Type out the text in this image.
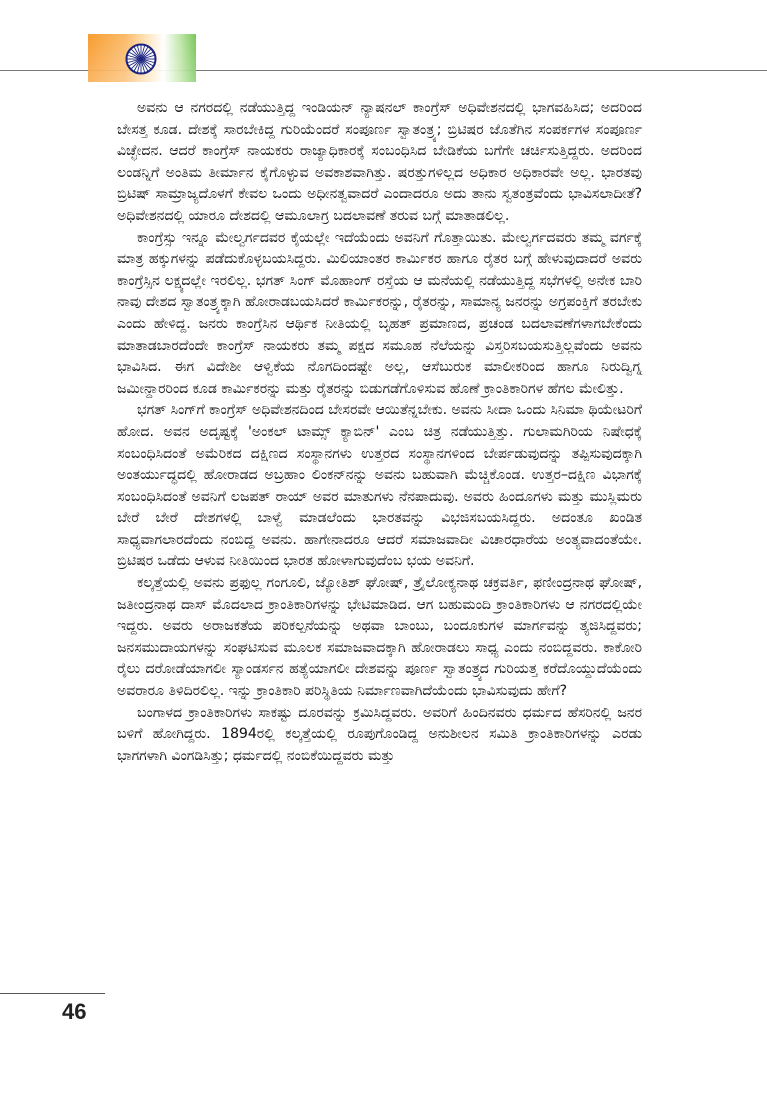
ಅವನು ಆ ನಗರದಲ್ಲಿ ನಡೆಯುತ್ತಿದ್ದ ಇಂಡಿಯನ್ ನ್ಯಾಷನಲ್ ಕಾಂಗ್ರೆಸ್ ಅಧಿವೇಶನದಲ್ಲಿ ಭಾಗವಹಿಸಿದ; ಅದರಿಂದ ಬೇಸತ್ತ ಕೂಡ. ದೇಶಕ್ಕೆ ಸಾರಬೇಕಿದ್ದ ಗುರಿಯೆಂದರೆ ಸಂಪೂರ್ಣ ಸ್ವಾತಂತ್ರ್ಯ; ಬ್ರಿಟಿಷರ ಜೊತೆಗಿನ ಸಂಪರ್ಕಗಳ ಸಂಪೂರ್ಣ ವಿಚ್ಛೇದನ. ಆದರೆ ಕಾಂಗ್ರೆಸ್ ನಾಯಕರು ರಾಜ್ಯಾಧಿಕಾರಕ್ಕೆ ಸಂಬಂಧಿಸಿದ ಬೇಡಿಕೆಯ ಬಗೆಗೇ ಚರ್ಚಿಸುತ್ತಿದ್ದರು. ಅದರಿಂದ ಲಂಡನ್ನಿಗೆ ಅಂತಿಮ ತೀರ್ಮಾನ ಕೈಗೊಳ್ಳುವ ಅವಕಾಶವಾಗಿತ್ತು. ಷರತ್ತುಗಳಿಲ್ಲದ ಅಧಿಕಾರ ಅಧಿಕಾರವೇ ಅಲ್ಲ. ಭಾರತವು ಬ್ರಿಟಿಷ್ ಸಾಮ್ರಾಜ್ಯದೊಳಗೆ ಕೇವಲ ಒಂದು ಅಧೀನತ್ವವಾದರೆ ಎಂದಾದರೂ ಅದು ತಾನು ಸ್ವತಂತ್ರವೆಂದು ಭಾವಿಸಲಾದೀತೆ? ಅಧಿವೇಶನದಲ್ಲಿ ಯಾರೂ ದೇಶದಲ್ಲಿ ಆಮೂಲಾಗ್ರ ಬದಲಾವಣೆ ತರುವ ಬಗ್ಗೆ ಮಾತಾಡಲಿಲ್ಲ.

ಕಾಂಗ್ರೆಸ್ಸು ಇನ್ನೂ ಮೇಲ್ವರ್ಗದವರ ಕೈಯಲ್ಲೇ ಇದೆಯೆಂದು ಅವನಿಗೆ ಗೊತ್ತಾಯಿತು. ಮೇಲ್ವರ್ಗದವರು ತಮ್ಮ ವರ್ಗಕ್ಕೆ ಮಾತ್ರ ಹಕ್ಕುಗಳನ್ನು ಪಡೆದುಕೊಳ್ಳಬಯಸಿದ್ದರು. ಮಿಲಿಯಾಂತರ ಕಾರ್ಮಿಕರ ಹಾಗೂ ರೈತರ ಬಗ್ಗೆ ಹೇಳುವುದಾದರೆ ಅವರು ಕಾಂಗ್ರೆಸ್ಸಿನ ಲಕ್ಷ್ಯದಲ್ಲೇ ಇರಲಿಲ್ಲ. ಭಗತ್ ಸಿಂಗ್ ಮೊಹಾಂಗ್ ರಸ್ತೆಯ ಆ ಮನೆಯಲ್ಲಿ ನಡೆಯುತ್ತಿದ್ದ ಸಭೆಗಳಲ್ಲಿ ಅನೇಕ ಬಾರಿ ನಾವು ದೇಶದ ಸ್ವಾತಂತ್ರ್ಯಕ್ಕಾಗಿ ಹೋರಾಡಬಯಸಿದರೆ ಕಾರ್ಮಿಕರನ್ನು, ರೈತರನ್ನು, ಸಾಮಾನ್ಯ ಜನರನ್ನು ಅಗ್ರಪಂಕ್ತಿಗೆ ತರಬೇಕು ಎಂದು ಹೇಳಿದ್ದ. ಜನರು ಕಾಂಗ್ರೆಸಿನ ಆರ್ಥಿಕ ನೀತಿಯಲ್ಲಿ ಬೃಹತ್ ಪ್ರಮಾಣದ, ಪ್ರಚಂಡ ಬದಲಾವಣೆಗಳಾಗಬೇಕೆಂದು ಮಾತಾಡಬಾರದೆಂದೇ ಕಾಂಗ್ರೆಸ್ ನಾಯಕರು ತಮ್ಮ ಪಕ್ಷದ ಸಮೂಹ ನೆಲೆಯನ್ನು ವಿಸ್ತರಿಸಬಯಸುತ್ತಿಲ್ಲವೆಂದು ಅವನು ಭಾವಿಸಿದ. ಈಗ ವಿದೇಶೀ ಆಳ್ವಿಕೆಯ ನೊಗದಿಂದಷ್ಟೇ ಅಲ್ಲ, ಆಸೆಬುರುಕ ಮಾಲೀಕರಿಂದ ಹಾಗೂ ನಿರುದ್ವಿಗ್ನ ಜಮೀನ್ದಾರರಿಂದ ಕೂಡ ಕಾರ್ಮಿಕರನ್ನು ಮತ್ತು ರೈತರನ್ನು ಬಿಡುಗಡೆಗೊಳಿಸುವ ಹೊಣೆ ಕ್ರಾಂತಿಕಾರಿಗಳ ಹೆಗಲ ಮೇಲಿತ್ತು.

ಭಗತ್ ಸಿಂಗ್‌ಗೆ ಕಾಂಗ್ರೆಸ್ ಅಧಿವೇಶನದಿಂದ ಬೇಸರವೇ ಆಯಿತೆನ್ನಬೇಕು. ಅವನು ಸೀದಾ ಒಂದು ಸಿನಿಮಾ ಥಿಯೇಟರಿಗೆ ಹೋದ. ಅವನ ಅದೃಷ್ಟಕ್ಕೆ 'ಅಂಕಲ್ ಟಾಮ್ಸ್ ಕ್ಯಾಬಿನ್' ಎಂಬ ಚಿತ್ರ ನಡೆಯುತ್ತಿತ್ತು. ಗುಲಾಮಗಿರಿಯ ನಿಷೇಧಕ್ಕೆ ಸಂಬಂಧಿಸಿದಂತೆ ಅಮೆರಿಕದ ದಕ್ಷಿಣದ ಸಂಸ್ಥಾನಗಳು ಉತ್ತರದ ಸಂಸ್ಥಾನಗಳಿಂದ ಬೇರ್ಪಡುವುದನ್ನು ತಪ್ಪಿಸುವುದಕ್ಕಾಗಿ ಅಂತರ್ಯುದ್ಧದಲ್ಲಿ ಹೋರಾಡದ ಅಬ್ರಹಾಂ ಲಿಂಕನ್‌ನನ್ನು ಅವನು ಬಹುವಾಗಿ ಮೆಚ್ಚಿಕೊಂಡ. ಉತ್ತರ–ದಕ್ಷಿಣ ವಿಭಾಗಕ್ಕೆ ಸಂಬಂಧಿಸಿದಂತೆ ಅವನಿಗೆ ಲಜಪತ್ ರಾಯ್ ಅವರ ಮಾತುಗಳು ನೆನಪಾದುವು. ಅವರು ಹಿಂದೂಗಳು ಮತ್ತು ಮುಸ್ಲಿಮರು ಬೇರೆ ಬೇರೆ ದೇಶಗಳಲ್ಲಿ ಬಾಳ್ವೆ ಮಾಡಲೆಂದು ಭಾರತವನ್ನು ವಿಭಜಿಸಬಯಸಿದ್ದರು. ಅದಂತೂ ಖಂಡಿತ ಸಾಧ್ಯವಾಗಲಾರದೆಂದು ನಂಬಿದ್ದ ಅವನು. ಹಾಗೇನಾದರೂ ಆದರೆ ಸಮಾಜವಾದೀ ವಿಚಾರಧಾರೆಯ ಅಂತ್ಯವಾದಂತೆಯೇ. ಬ್ರಿಟಿಷರ ಒಡೆದು ಆಳುವ ನೀತಿಯಿಂದ ಭಾರತ ಹೋಳಾಗುವುದೆಂಬ ಭಯ ಅವನಿಗೆ.

ಕಲ್ಕತ್ತೆಯಲ್ಲಿ ಅವನು ಪ್ರಫುಲ್ಲ ಗಂಗೂಲಿ, ಜ್ಯೋತಿಶ್ ಘೋಷ್, ತ್ರೈಲೋಕ್ಯನಾಥ ಚಕ್ರವರ್ತಿ, ಫಣೀಂದ್ರನಾಥ ಘೋಷ್, ಜತೀಂದ್ರನಾಥ ದಾಸ್ ಮೊದಲಾದ ಕ್ರಾಂತಿಕಾರಿಗಳನ್ನು ಭೇಟಿಮಾಡಿದ. ಆಗ ಬಹುಮಂದಿ ಕ್ರಾಂತಿಕಾರಿಗಳು ಆ ನಗರದಲ್ಲಿಯೇ ಇದ್ದರು. ಅವರು ಅರಾಜಕತೆಯ ಪರಿಕಲ್ಪನೆಯನ್ನು ಅಥವಾ ಬಾಂಬು, ಬಂದೂಕುಗಳ ಮಾರ್ಗವನ್ನು ತ್ಯಜಿಸಿದ್ದವರು; ಜನಸಮುದಾಯಗಳನ್ನು ಸಂಘಟಿಸುವ ಮೂಲಕ ಸಮಾಜವಾದಕ್ಕಾಗಿ ಹೋರಾಡಲು ಸಾಧ್ಯ ಎಂದು ನಂಬಿದ್ದವರು. ಕಾಕೋರಿ ರೈಲು ದರೋಡೆಯಾಗಲೀ ಸ್ಯಾಂಡರ್ಸನ ಹತ್ಯೆಯಾಗಲೀ ದೇಶವನ್ನು ಪೂರ್ಣ ಸ್ವಾತಂತ್ರ್ಯದ ಗುರಿಯತ್ತ ಕರೆದೊಯ್ದುದೆಯೆಂದು ಅವರಾರೂ ತಿಳಿದಿರಲಿಲ್ಲ. ಇನ್ನು ಕ್ರಾಂತಿಕಾರಿ ಪರಿಸ್ಥಿತಿಯ ನಿರ್ಮಾಣವಾಗಿದೆಯೆಂದು ಭಾವಿಸುವುದು ಹೇಗೆ?

ಬಂಗಾಳದ ಕ್ರಾಂತಿಕಾರಿಗಳು ಸಾಕಷ್ಟು ದೂರವನ್ನು ಕ್ರಮಿಸಿದ್ದವರು. ಅವರಿಗೆ ಹಿಂದಿನವರು ಧರ್ಮದ ಹೆಸರಿನಲ್ಲಿ ಜನರ ಬಳಿಗೆ ಹೋಗಿದ್ದರು. 1894ರಲ್ಲಿ ಕಲ್ಕತ್ತೆಯಲ್ಲಿ ರೂಪುಗೊಂಡಿದ್ದ ಅನುಶೀಲನ ಸಮಿತಿ ಕ್ರಾಂತಿಕಾರಿಗಳನ್ನು ಎರಡು ಭಾಗಗಳಾಗಿ ವಿಂಗಡಿಸಿತ್ತು; ಧರ್ಮದಲ್ಲಿ ನಂಬಿಕೆಯಿದ್ದವರು ಮತ್ತು

46
